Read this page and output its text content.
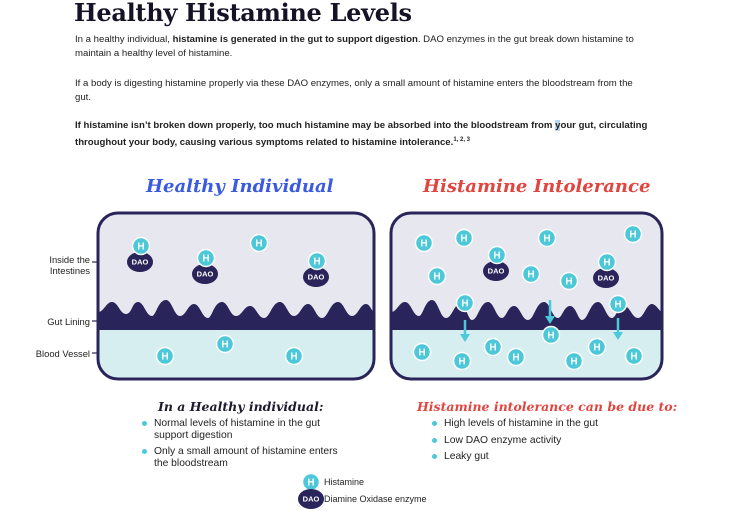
Healthy Histamine Levels
In a healthy individual, histamine is generated in the gut to support digestion. DAO enzymes in the gut break down histamine to maintain a healthy level of histamine.
If a body is digesting histamine properly via these DAO enzymes, only a small amount of histamine enters the bloodstream from the gut.
If histamine isn’t broken down properly, too much histamine may be absorbed into the bloodstream from your gut, circulating throughout your body, causing various symptoms related to histamine intolerance.$^{1, 2, 3}$
Healthy Individual	Histamine Intolerance
Inside the
Intestines
Gut Lining
Blood Vessel
DAO
H
DAO
H
DAO
H
H
H
H
H
H	H	H	H
DAO
H
DAO
H
H	H
H
H	H
H
H
H
H
H	H
H
H
H
DAO
In a Healthy individual:
Normal levels of histamine in the gut support digestion
Only a small amount of histamine enters the bloodstream
Histamine intolerance can be due to:
High levels of histamine in the gut
Low DAO enzyme activity
Leaky gut
Histamine
Diamine Oxidase enzyme
